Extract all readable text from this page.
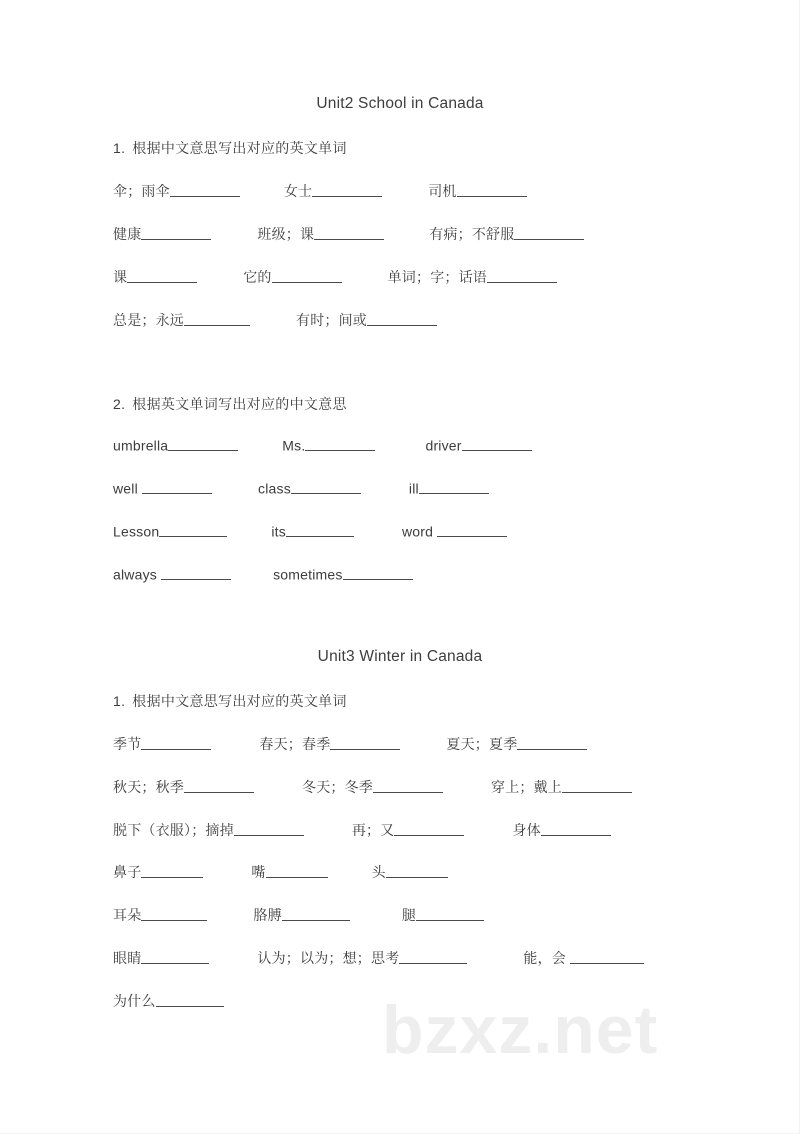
bzxz.net
Unit2 School in Canada
1. 根据中文意思写出对应的英文单词
伞；雨伞	女士	司机
健康	班级；课	有病；不舒服
课	它的	单词；字；话语
总是；永远	有时；间或
2. 根据英文单词写出对应的中文意思
umbrella	Ms.	driver
well	class	ill
Lesson	its	word
always	sometimes
Unit3 Winter in Canada
1. 根据中文意思写出对应的英文单词
季节	春天；春季	夏天；夏季
秋天；秋季	冬天；冬季	穿上；戴上
脱下（衣服）；摘掉	再；又	身体
鼻子	嘴	头
耳朵	胳膊	腿
眼睛	认为；以为；想；思考	能，会
为什么
